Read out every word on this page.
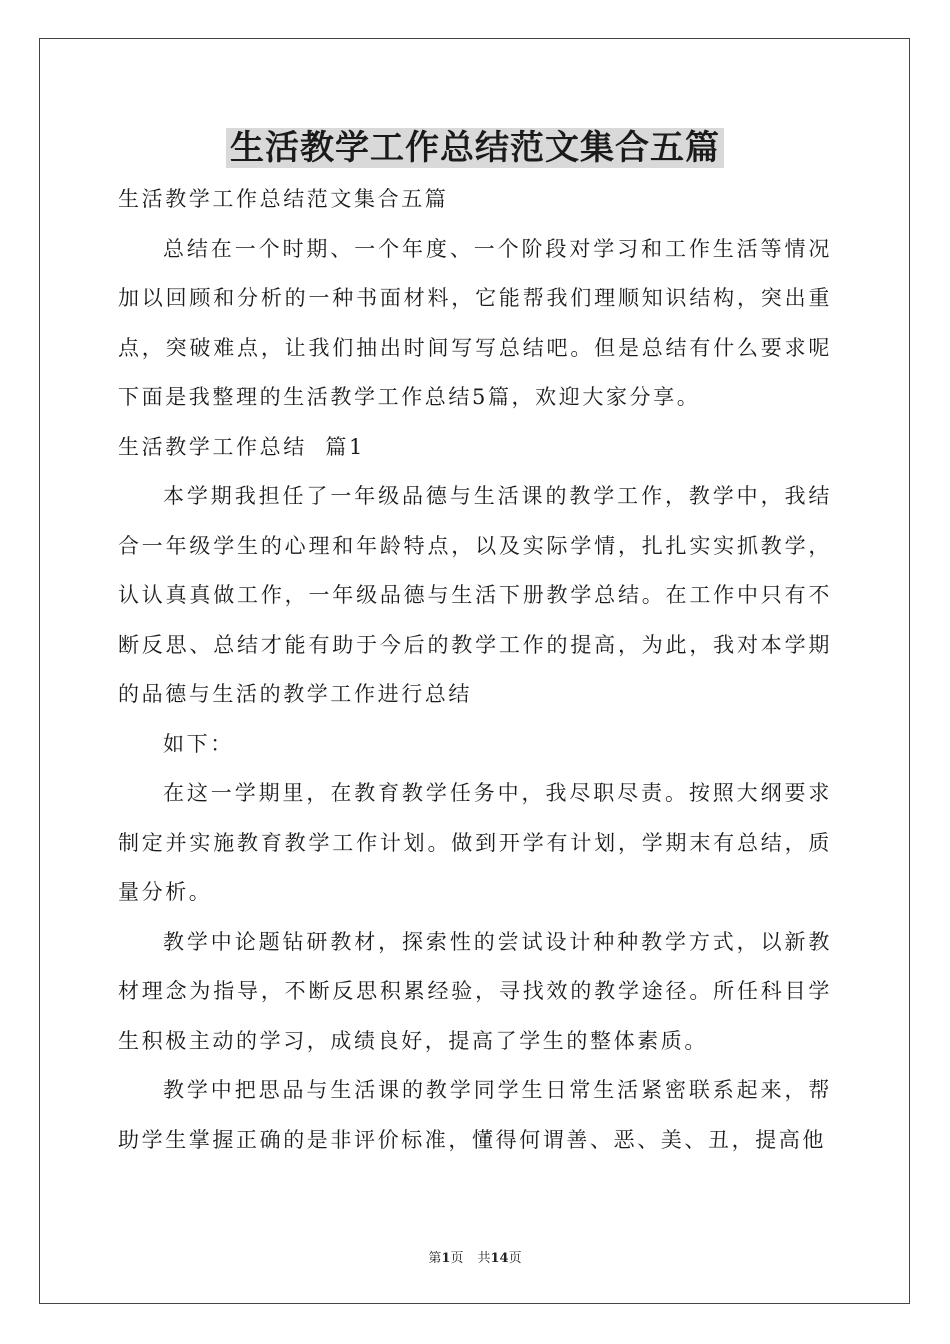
生活教学工作总结范文集合五篇
生活教学工作总结范文集合五篇

总结在一个时期、一个年度、一个阶段对学习和工作生活等情况加以回顾和分析的一种书面材料，它能帮我们理顺知识结构，突出重点，突破难点，让我们抽出时间写写总结吧。但是总结有什么要求呢下面是我整理的生活教学工作总结5篇，欢迎大家分享。

生活教学工作总结  篇1

本学期我担任了一年级品德与生活课的教学工作，教学中，我结合一年级学生的心理和年龄特点，以及实际学情，扎扎实实抓教学，认认真真做工作，一年级品德与生活下册教学总结。在工作中只有不断反思、总结才能有助于今后的教学工作的提高，为此，我对本学期的品德与生活的教学工作进行总结

如下：

在这一学期里，在教育教学任务中，我尽职尽责。按照大纲要求制定并实施教育教学工作计划。做到开学有计划，学期末有总结，质量分析。

教学中论题钻研教材，探索性的尝试设计种种教学方式，以新教材理念为指导，不断反思积累经验，寻找效的教学途径。所任科目学生积极主动的学习，成绩良好，提高了学生的整体素质。

教学中把思品与生活课的教学同学生日常生活紧密联系起来，帮助学生掌握正确的是非评价标准，懂得何谓善、恶、美、丑，提高他

第1页 共14页
